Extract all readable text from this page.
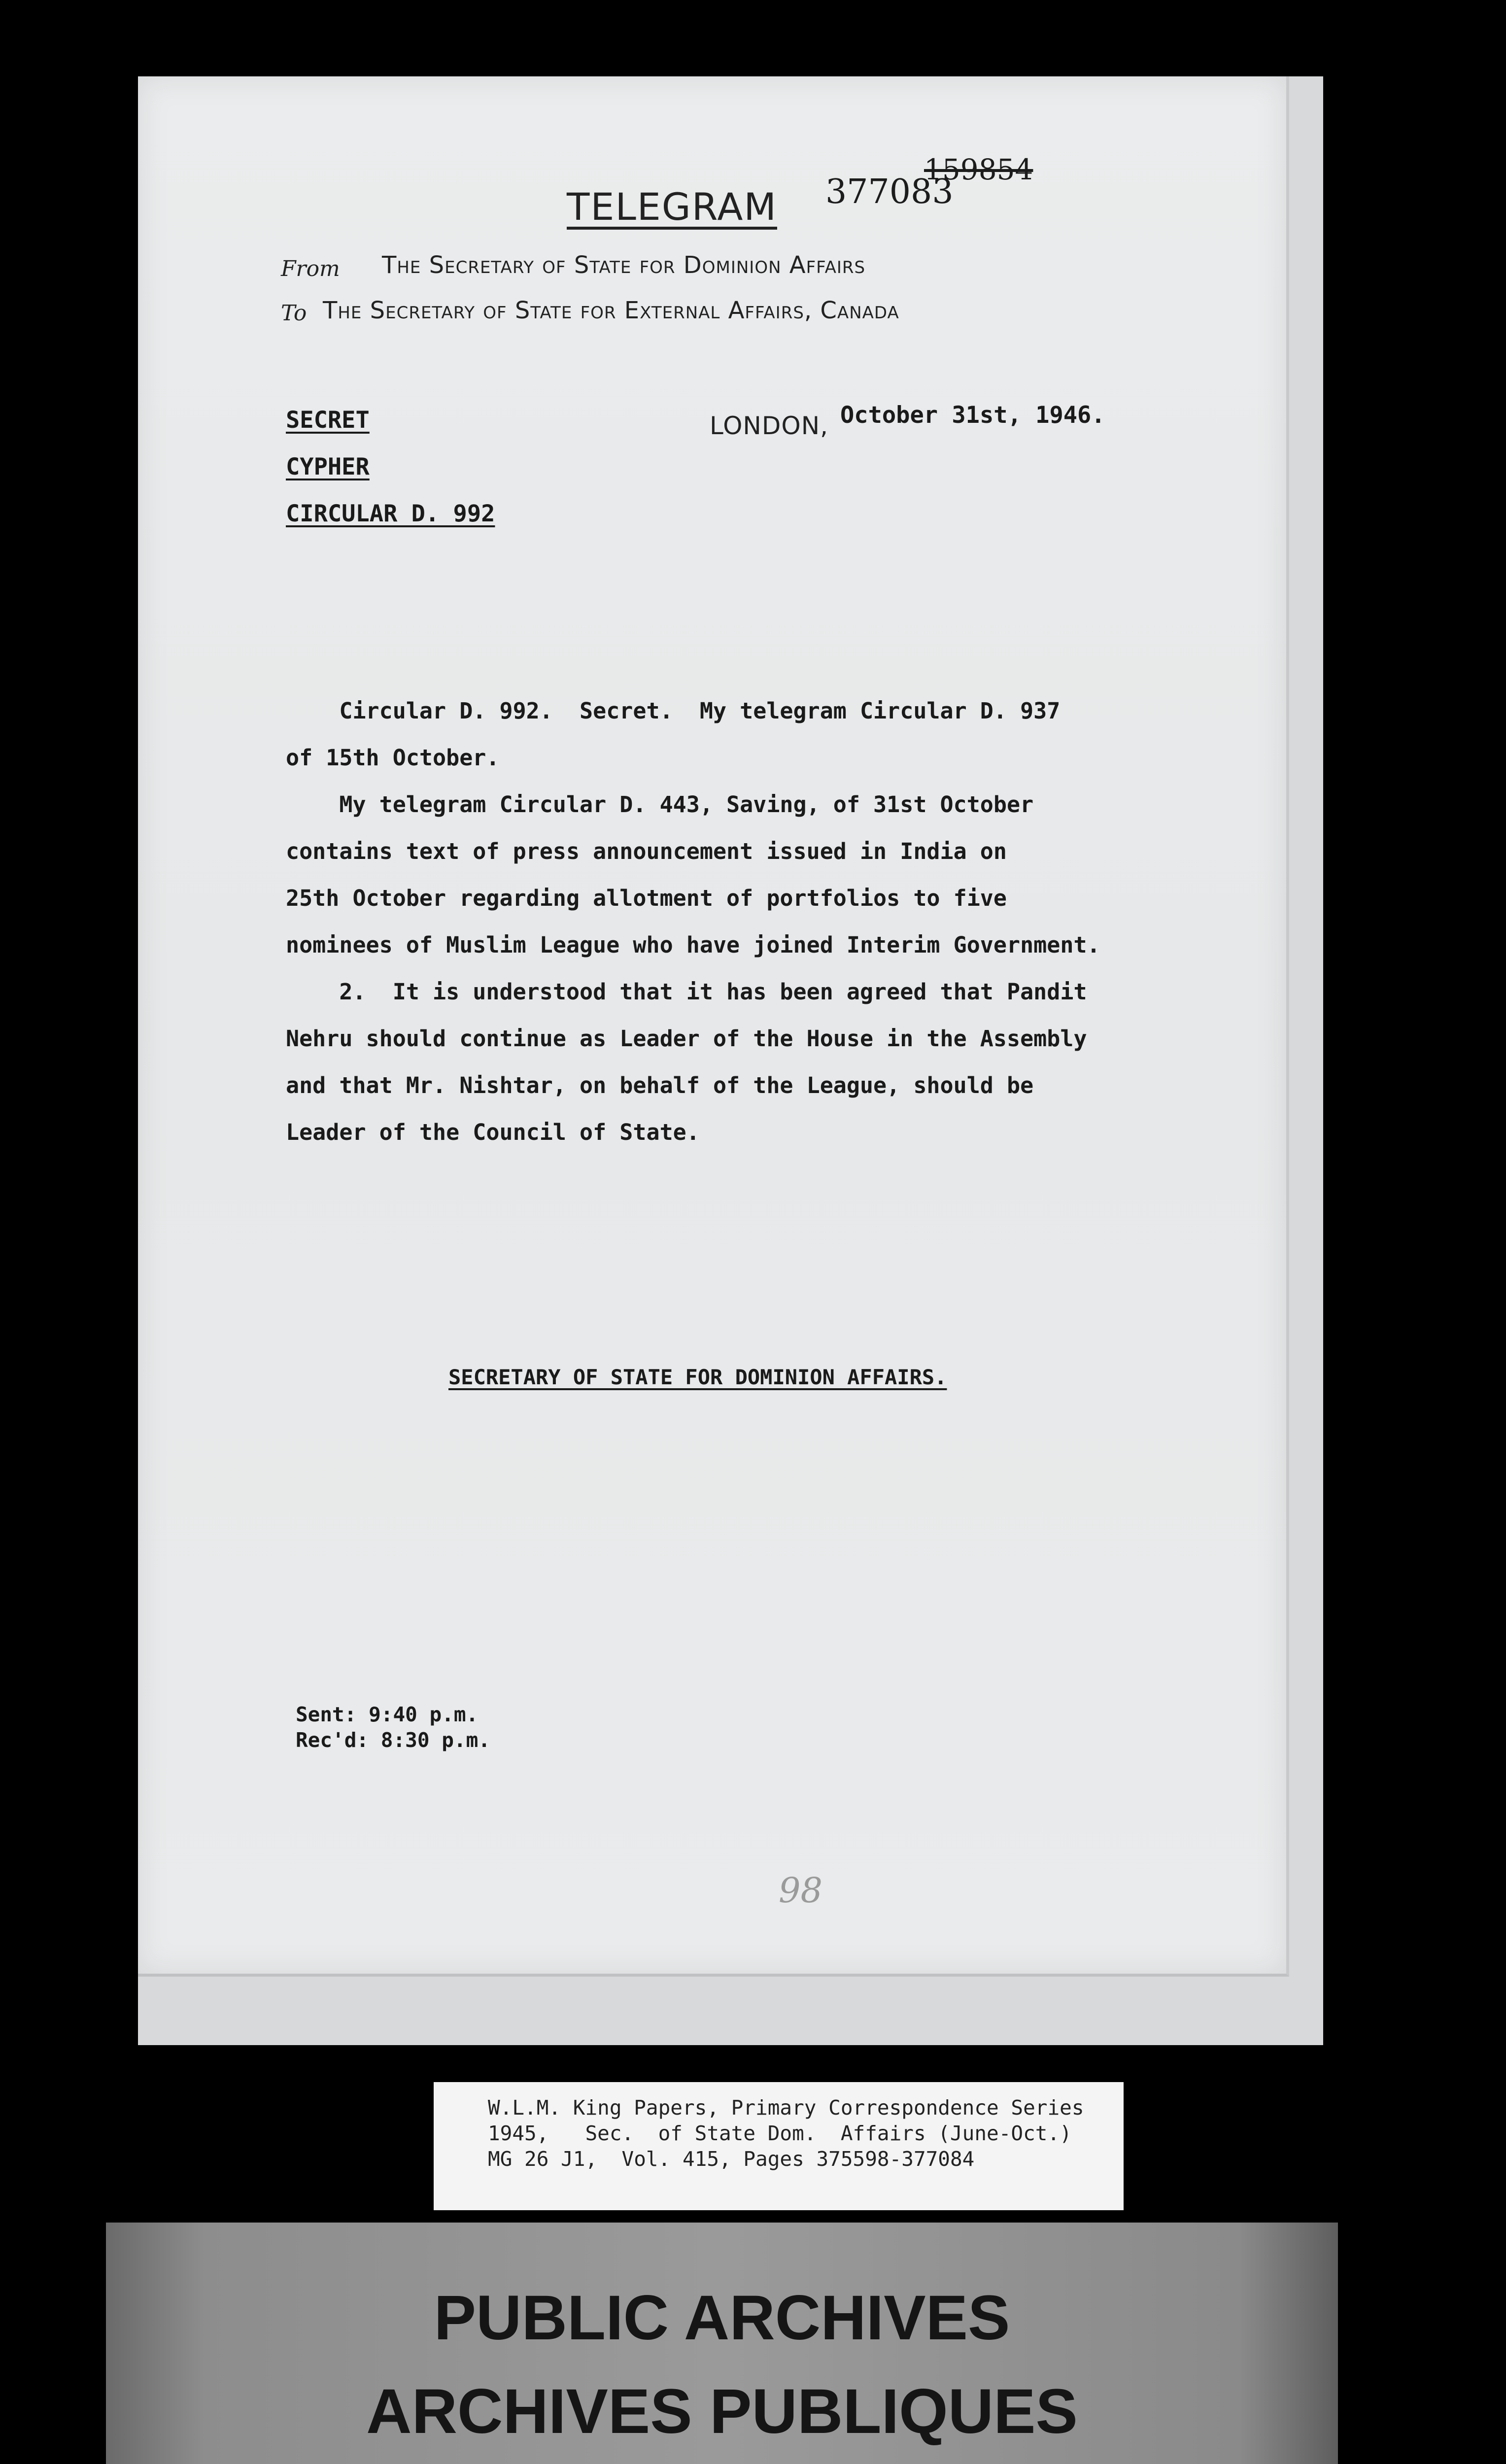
TELEGRAM 377083
159854
From The Secretary of State for Dominion Affairs
To The Secretary of State for External Affairs, Canada
SECRET
CYPHER
CIRCULAR D. 992
LONDON, October 31st, 1946.

Circular D. 992.  Secret.  My telegram Circular D. 937

of 15th October.

My telegram Circular D. 443, Saving, of 31st October

contains text of press announcement issued in India on

25th October regarding allotment of portfolios to five

nominees of Muslim League who have joined Interim Government.

2.  It is understood that it has been agreed that Pandit

Nehru should continue as Leader of the House in the Assembly

and that Mr. Nishtar, on behalf of the League, should be

Leader of the Council of State.

SECRETARY OF STATE FOR DOMINION AFFAIRS.
Sent: 9:40 p.m.
Rec'd: 8:30 p.m.
98
W.L.M. King Papers, Primary Correspondence Series
1945,   Sec.  of State Dom.  Affairs (June-Oct.)
MG 26 J1,  Vol. 415, Pages 375598-377084
PUBLIC ARCHIVES
ARCHIVES PUBLIQUES
